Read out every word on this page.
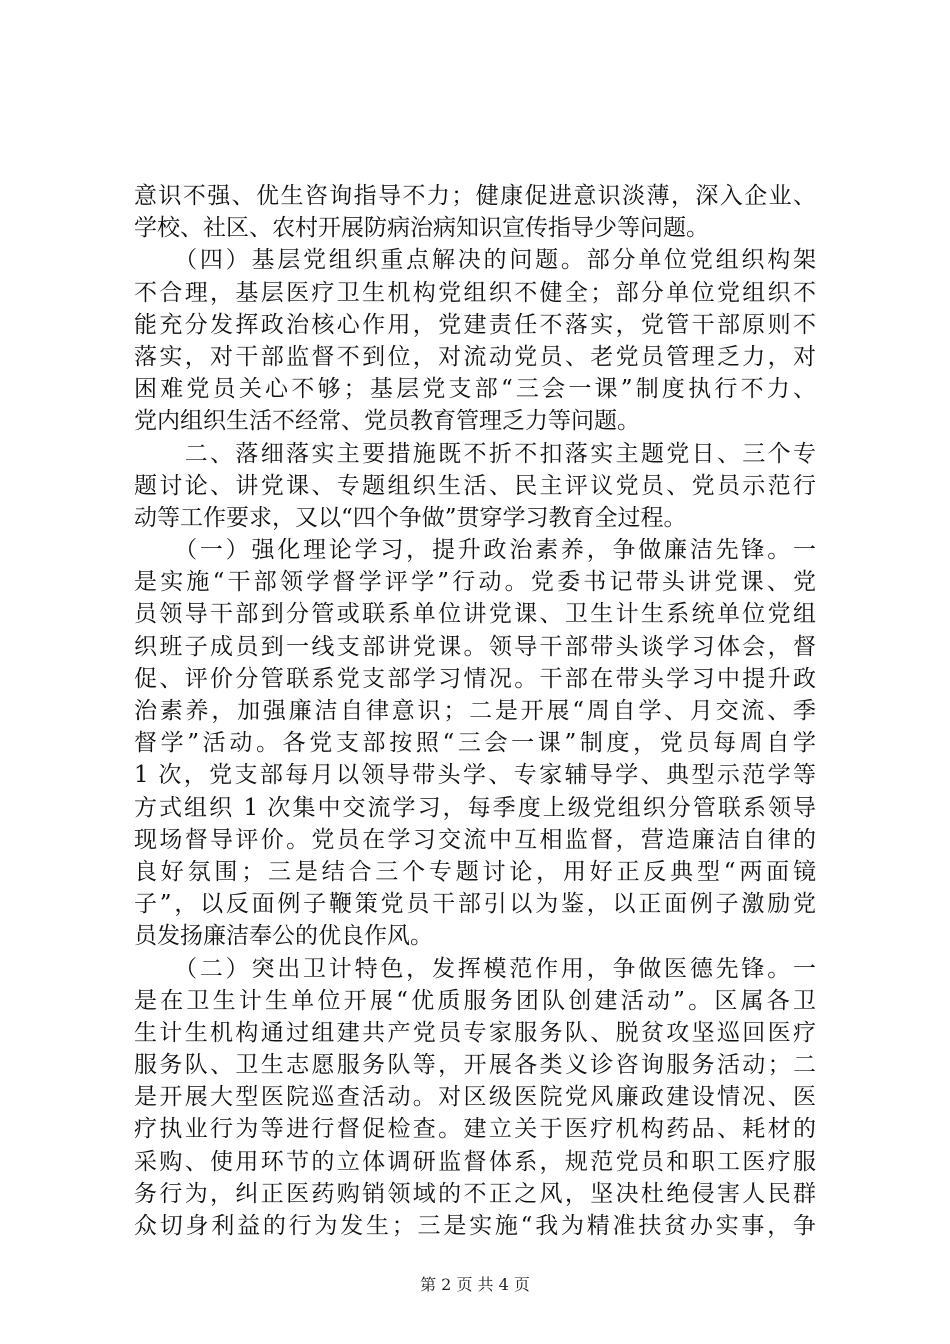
意识不强、优生咨询指导不力；健康促进意识淡薄，深入企业、
学校、社区、农村开展防病治病知识宣传指导少等问题。
　　（四）基层党组织重点解决的问题。部分单位党组织构架
不合理，基层医疗卫生机构党组织不健全；部分单位党组织不
能充分发挥政治核心作用，党建责任不落实，党管干部原则不
落实，对干部监督不到位，对流动党员、老党员管理乏力，对
困难党员关心不够；基层党支部“三会一课”制度执行不力、
党内组织生活不经常、党员教育管理乏力等问题。
　　二、落细落实主要措施既不折不扣落实主题党日、三个专
题讨论、讲党课、专题组织生活、民主评议党员、党员示范行
动等工作要求，又以“四个争做”贯穿学习教育全过程。
　　（一）强化理论学习，提升政治素养，争做廉洁先锋。一
是实施“干部领学督学评学”行动。党委书记带头讲党课、党
员领导干部到分管或联系单位讲党课、卫生计生系统单位党组
织班子成员到一线支部讲党课。领导干部带头谈学习体会，督
促、评价分管联系党支部学习情况。干部在带头学习中提升政
治素养，加强廉洁自律意识；二是开展“周自学、月交流、季
督学”活动。各党支部按照“三会一课”制度，党员每周自学
1 次，党支部每月以领导带头学、专家辅导学、典型示范学等
方式组织 1 次集中交流学习，每季度上级党组织分管联系领导
现场督导评价。党员在学习交流中互相监督，营造廉洁自律的
良好氛围；三是结合三个专题讨论，用好正反典型“两面镜
子”，以反面例子鞭策党员干部引以为鉴，以正面例子激励党
员发扬廉洁奉公的优良作风。
　　（二）突出卫计特色，发挥模范作用，争做医德先锋。一
是在卫生计生单位开展“优质服务团队创建活动”。区属各卫
生计生机构通过组建共产党员专家服务队、脱贫攻坚巡回医疗
服务队、卫生志愿服务队等，开展各类义诊咨询服务活动；二
是开展大型医院巡查活动。对区级医院党风廉政建设情况、医
疗执业行为等进行督促检查。建立关于医疗机构药品、耗材的
采购、使用环节的立体调研监督体系，规范党员和职工医疗服
务行为，纠正医药购销领域的不正之风，坚决杜绝侵害人民群
众切身利益的行为发生；三是实施“我为精准扶贫办实事，争
第 2 页 共 4 页
